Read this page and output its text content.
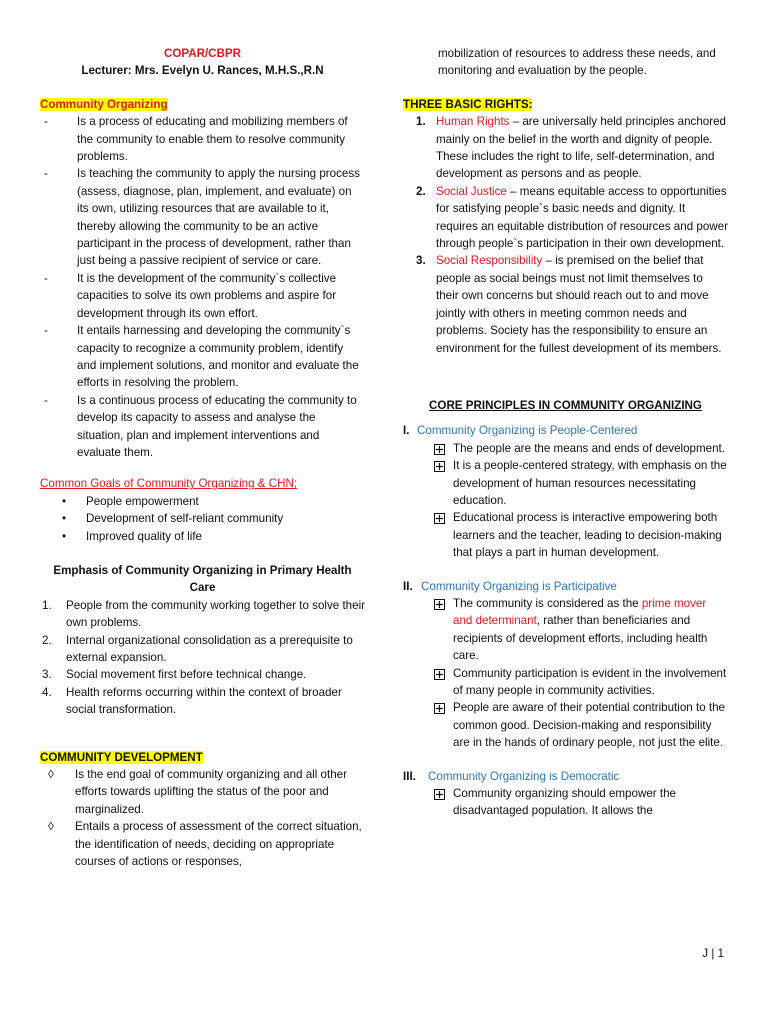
COPAR/CBPR
Lecturer: Mrs. Evelyn U. Rances, M.H.S.,R.N
Community Organizing
-	Is a process of educating and mobilizing members of the community to enable them to resolve community problems.
-	Is teaching the community to apply the nursing process (assess, diagnose, plan, implement, and evaluate) on its own, utilizing resources that are available to it, thereby allowing the community to be an active participant in the process of development, rather than just being a passive recipient of service or care.
-	It is the development of the community`s collective capacities to solve its own problems and aspire for development through its own effort.
-	It entails harnessing and developing the community`s capacity to recognize a community problem, identify and implement solutions, and monitor and evaluate the efforts in resolving the problem.
-	Is a continuous process of educating the community to develop its capacity to assess and analyse the situation, plan and implement interventions and evaluate them.
Common Goals of Community Organizing & CHN;
•	People empowerment
•	Development of self-reliant community
•	Improved quality of life
Emphasis of Community Organizing in Primary Health Care
1.	People from the community working together to solve their own problems.
2.	Internal organizational consolidation as a prerequisite to external expansion.
3.	Social movement first before technical change.
4.	Health reforms occurring within the context of broader social transformation.
COMMUNITY DEVELOPMENT
◊	Is the end goal of community organizing and all other efforts towards uplifting the status of the poor and marginalized.
◊	Entails a process of assessment of the correct situation, the identification of needs, deciding on appropriate courses of actions or responses,
mobilization of resources to address these needs, and monitoring and evaluation by the people.
THREE BASIC RIGHTS:
1. Human Rights – are universally held principles anchored mainly on the belief in the worth and dignity of people. These includes the right to life, self-determination, and development as persons and as people.
2. Social Justice – means equitable access to opportunities for satisfying people`s basic needs and dignity. It requires an equitable distribution of resources and power through people`s participation in their own development.
3. Social Responsibility – is premised on the belief that people as social beings must not limit themselves to their own concerns but should reach out to and move jointly with others in meeting common needs and problems. Society has the responsibility to ensure an environment for the fullest development of its members.
CORE PRINCIPLES IN COMMUNITY ORGANIZING
I. Community Organizing is People-Centered
The people are the means and ends of development.
It is a people-centered strategy, with emphasis on the development of human resources necessitating education.
Educational process is interactive empowering both learners and the teacher, leading to decision-making that plays a part in human development.
II. Community Organizing is Participative
The community is considered as the prime mover and determinant, rather than beneficiaries and recipients of development efforts, including health care.
Community participation is evident in the involvement of many people in community activities.
People are aware of their potential contribution to the common good. Decision-making and responsibility are in the hands of ordinary people, not just the elite.
III. Community Organizing is Democratic
Community organizing should empower the disadvantaged population. It allows the
J | 1
